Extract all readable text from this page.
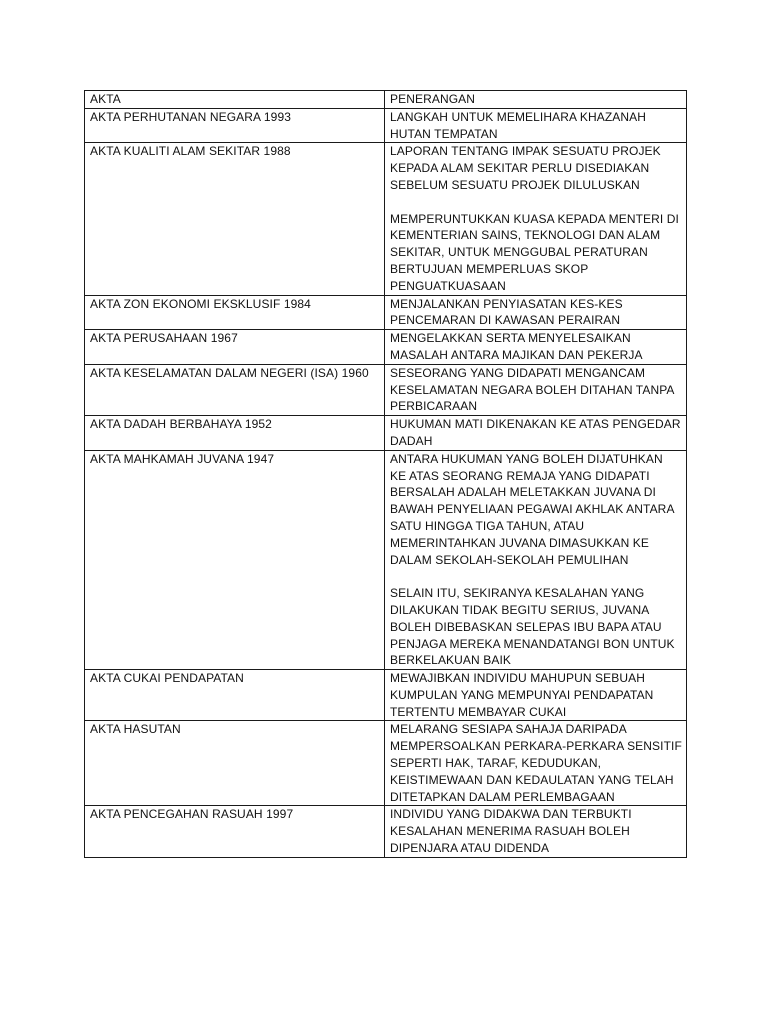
AKTA	PENERANGAN
AKTA PERHUTANAN NEGARA 1993	LANGKAH UNTUK MEMELIHARA KHAZANAH HUTAN TEMPATAN

AKTA KUALITI ALAM SEKITAR 1988	LAPORAN TENTANG IMPAK SESUATU PROJEK KEPADA ALAM SEKITAR PERLU DISEDIAKAN SEBELUM SESUATU PROJEK DILULUSKAN
MEMPERUNTUKKAN KUASA KEPADA MENTERI DI KEMENTERIAN SAINS, TEKNOLOGI DAN ALAM SEKITAR, UNTUK MENGGUBAL PERATURAN BERTUJUAN MEMPERLUAS SKOP PENGUATKUASAAN

AKTA ZON EKONOMI EKSKLUSIF 1984	MENJALANKAN PENYIASATAN KES-KES PENCEMARAN DI KAWASAN PERAIRAN

AKTA PERUSAHAAN 1967	MENGELAKKAN SERTA MENYELESAIKAN MASALAH ANTARA MAJIKAN DAN PEKERJA

AKTA KESELAMATAN DALAM NEGERI (ISA) 1960	SESEORANG YANG DIDAPATI MENGANCAM KESELAMATAN NEGARA BOLEH DITAHAN TANPA PERBICARAAN

AKTA DADAH BERBAHAYA 1952	HUKUMAN MATI DIKENAKAN KE ATAS PENGEDAR DADAH

AKTA MAHKAMAH JUVANA 1947	ANTARA HUKUMAN YANG BOLEH DIJATUHKAN KE ATAS SEORANG REMAJA YANG DIDAPATI BERSALAH ADALAH MELETAKKAN JUVANA DI BAWAH PENYELIAAN PEGAWAI AKHLAK ANTARA SATU HINGGA TIGA TAHUN, ATAU MEMERINTAHKAN JUVANA DIMASUKKAN KE DALAM SEKOLAH-SEKOLAH PEMULIHAN
SELAIN ITU, SEKIRANYA KESALAHAN YANG DILAKUKAN TIDAK BEGITU SERIUS, JUVANA BOLEH DIBEBASKAN SELEPAS IBU BAPA ATAU PENJAGA MEREKA MENANDATANGI BON UNTUK BERKELAKUAN BAIK

AKTA CUKAI PENDAPATAN	MEWAJIBKAN INDIVIDU MAHUPUN SEBUAH KUMPULAN YANG MEMPUNYAI PENDAPATAN TERTENTU MEMBAYAR CUKAI

AKTA HASUTAN	MELARANG SESIAPA SAHAJA DARIPADA MEMPERSOALKAN PERKARA-PERKARA SENSITIF SEPERTI HAK, TARAF, KEDUDUKAN, KEISTIMEWAAN DAN KEDAULATAN YANG TELAH DITETAPKAN DALAM PERLEMBAGAAN

AKTA PENCEGAHAN RASUAH 1997	INDIVIDU YANG DIDAKWA DAN TERBUKTI KESALAHAN MENERIMA RASUAH BOLEH DIPENJARA ATAU DIDENDA
